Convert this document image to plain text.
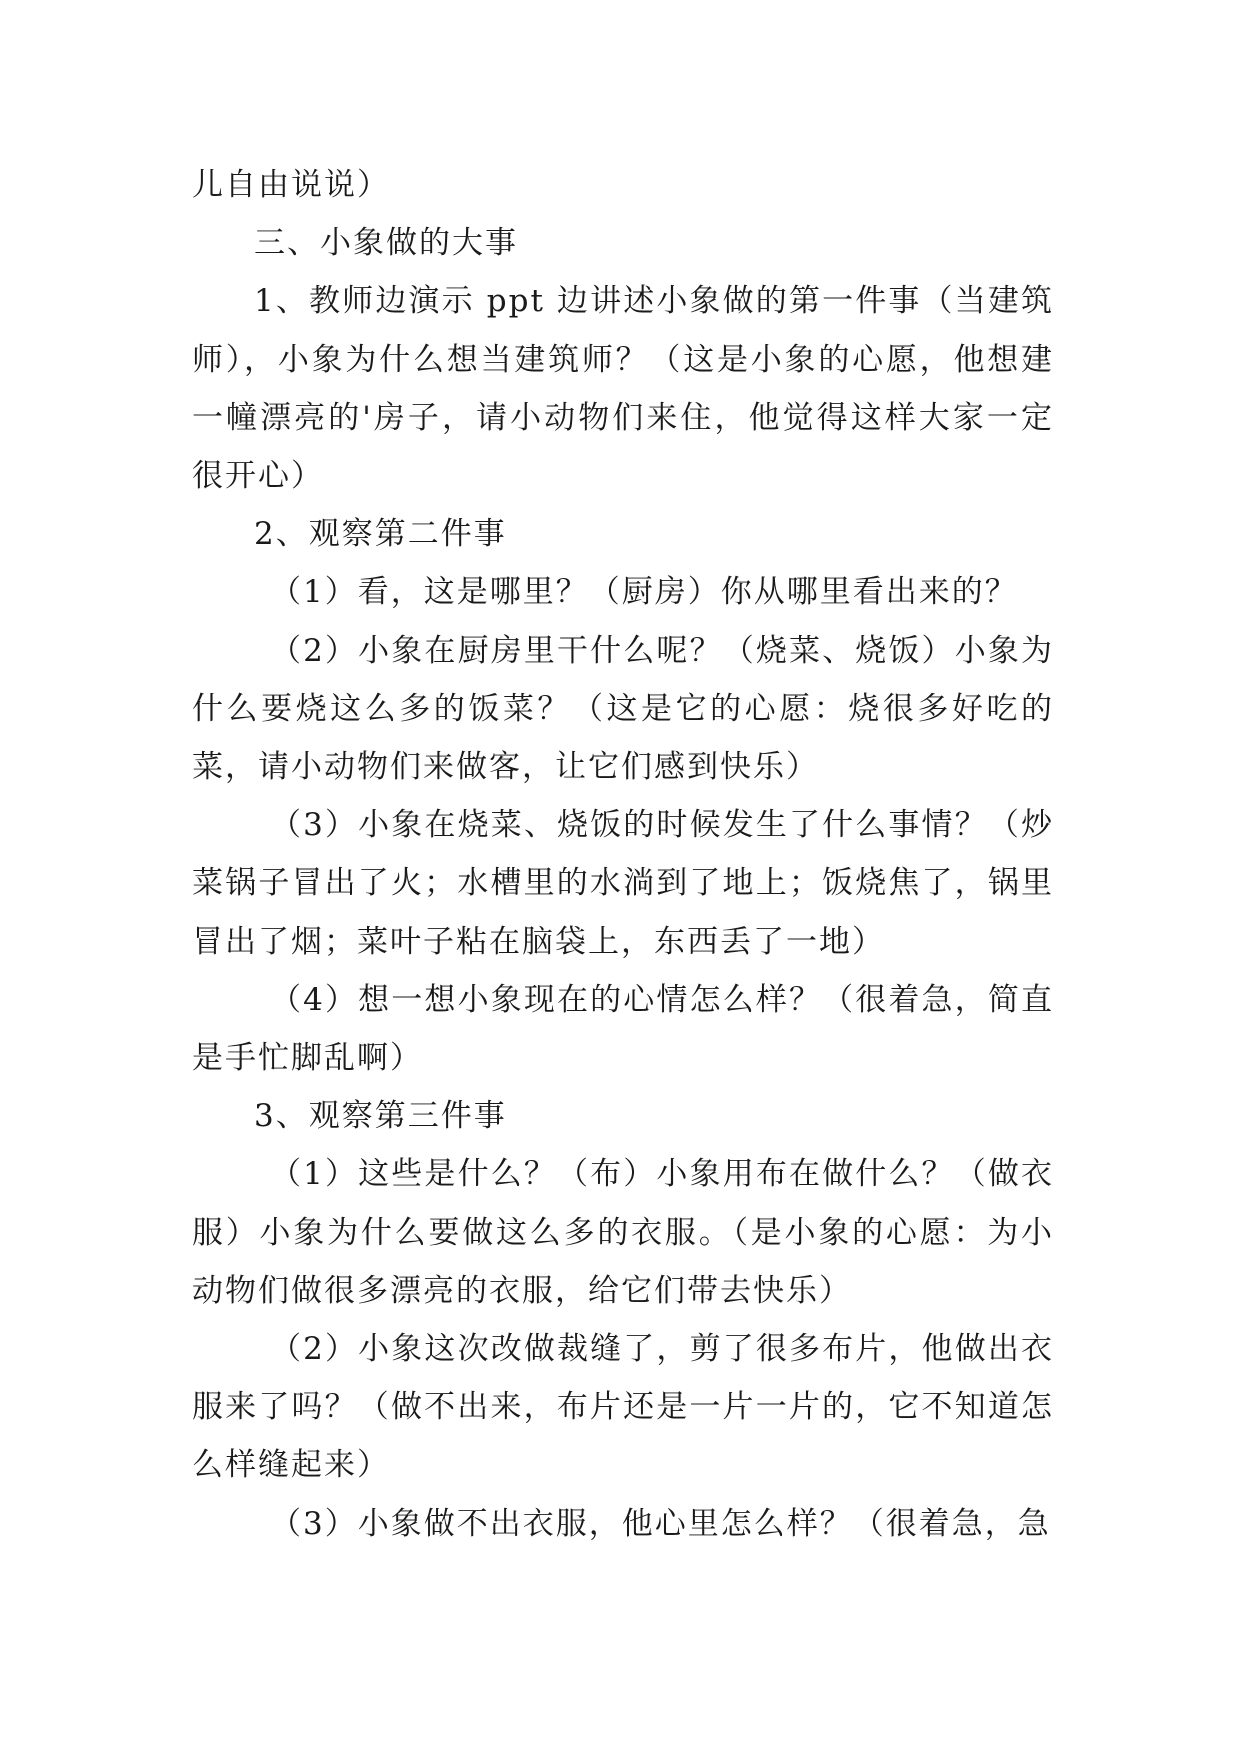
儿自由说说）

三、小象做的大事

1、教师边演示 ppt 边讲述小象做的第一件事（当建筑师），小象为什么想当建筑师？（这是小象的心愿，他想建一幢漂亮的'房子，请小动物们来住，他觉得这样大家一定很开心）

2、观察第二件事

（1）看，这是哪里？（厨房）你从哪里看出来的？

（2）小象在厨房里干什么呢？（烧菜、烧饭）小象为什么要烧这么多的饭菜？（这是它的心愿：烧很多好吃的菜，请小动物们来做客，让它们感到快乐）

（3）小象在烧菜、烧饭的时候发生了什么事情？（炒菜锅子冒出了火；水槽里的水淌到了地上；饭烧焦了，锅里冒出了烟；菜叶子粘在脑袋上，东西丢了一地）

（4）想一想小象现在的心情怎么样？（很着急，简直是手忙脚乱啊）

3、观察第三件事

（1）这些是什么？（布）小象用布在做什么？（做衣服）小象为什么要做这么多的衣服。（是小象的心愿：为小动物们做很多漂亮的衣服，给它们带去快乐）

（2）小象这次改做裁缝了，剪了很多布片，他做出衣服来了吗？（做不出来，布片还是一片一片的，它不知道怎么样缝起来）

（3）小象做不出衣服，他心里怎么样？（很着急，急
